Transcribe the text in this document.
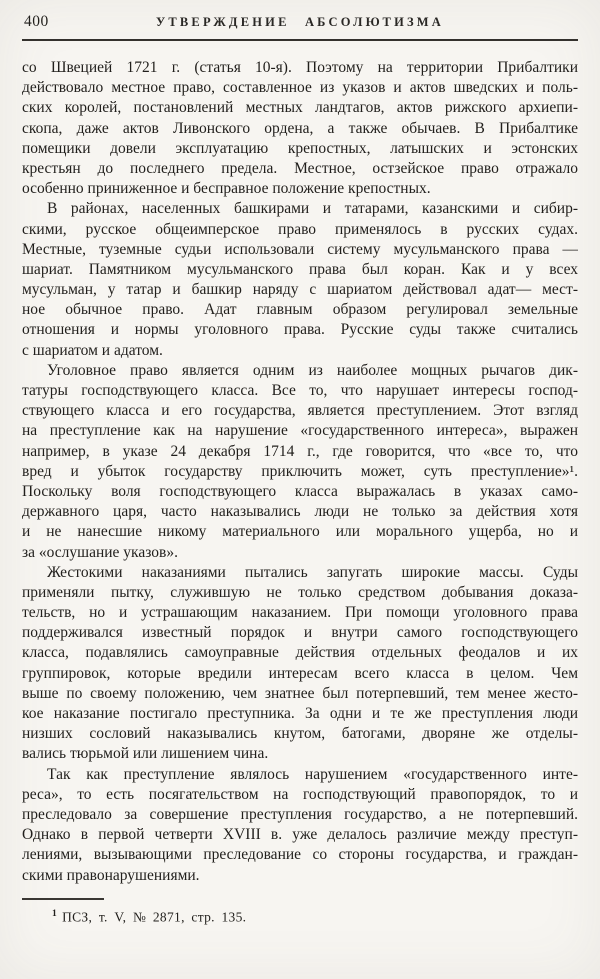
400	УТВЕРЖДЕНИЕ АБСОЛЮТИЗМА
со Швецией 1721 г. (статья 10-я). Поэтому на территории Прибалтики
действовало местное право, составленное из указов и актов шведских и поль-
ских королей, постановлений местных ландтагов, актов рижского архиепи-
скопа, даже актов Ливонского ордена, а также обычаев. В Прибалтике
помещики довели эксплуатацию крепостных, латышских и эстонских
крестьян до последнего предела. Местное, остзейское право отражало
особенно приниженное и бесправное положение крепостных.
В районах, населенных башкирами и татарами, казанскими и сибир-
скими, русское общеимперское право применялось в русских судах.
Местные, туземные судьи использовали систему мусульманского права —
шариат. Памятником мусульманского права был коран. Как и у всех
мусульман, у татар и башкир наряду с шариатом действовал адат— мест-
ное обычное право. Адат главным образом регулировал земельные
отношения и нормы уголовного права. Русские суды также считались
с шариатом и адатом.
Уголовное право является одним из наиболее мощных рычагов дик-
татуры господствующего класса. Все то, что нарушает интересы господ-
ствующего класса и его государства, является преступлением. Этот взгляд
на преступление как на нарушение «государственного интереса», выражен
например, в указе 24 декабря 1714 г., где говорится, что «все то, что
вред и убыток государству приключить может, суть преступление»¹.
Поскольку воля господствующего класса выражалась в указах само-
державного царя, часто наказывались люди не только за действия хотя
и не нанесшие никому материального или морального ущерба, но и
за «ослушание указов».
Жестокими наказаниями пытались запугать широкие массы. Суды
применяли пытку, служившую не только средством добывания доказа-
тельств, но и устрашающим наказанием. При помощи уголовного права
поддерживался известный порядок и внутри самого господствующего
класса, подавлялись самоуправные действия отдельных феодалов и их
группировок, которые вредили интересам всего класса в целом. Чем
выше по своему положению, чем знатнее был потерпевший, тем менее жесто-
кое наказание постигало преступника. За одни и те же преступления люди
низших сословий наказывались кнутом, батогами, дворяне же отделы-
вались тюрьмой или лишением чина.
Так как преступление являлось нарушением «государственного инте-
реса», то есть посягательством на господствующий правопорядок, то и
преследовало за совершение преступления государство, а не потерпевший.
Однако в первой четверти XVIII в. уже делалось различие между преступ-
лениями, вызывающими преследование со стороны государства, и граждан-
скими правонарушениями.
$^1$ ПСЗ, т. V, № 2871, стр. 135.
